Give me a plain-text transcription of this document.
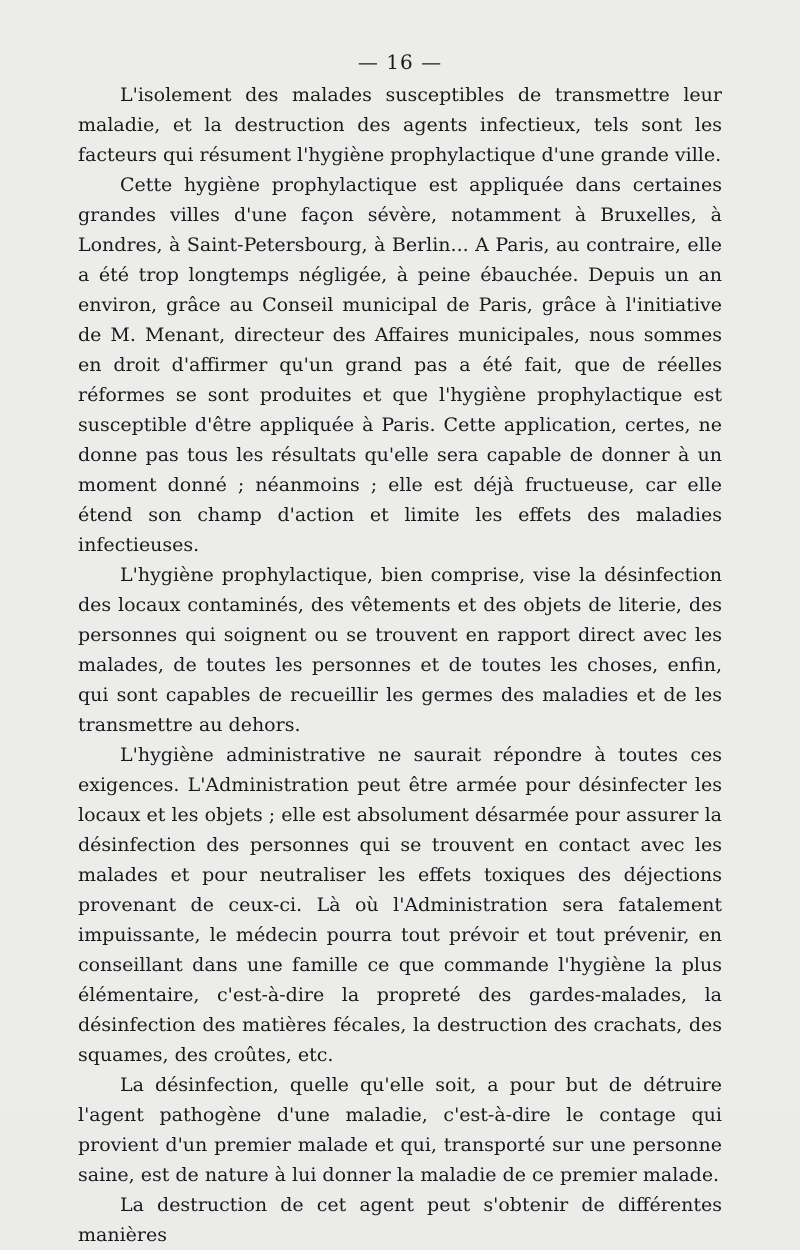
— 16 —

L'isolement des malades susceptibles de transmettre leur maladie, et la destruction des agents infectieux, tels sont les facteurs qui résument l'hygiène prophylactique d'une grande ville.

Cette hygiène prophylactique est appliquée dans certaines grandes villes d'une façon sévère, notamment à Bruxelles, à Londres, à Saint-Petersbourg, à Berlin... A Paris, au contraire, elle a été trop longtemps négligée, à peine ébauchée. Depuis un an environ, grâce au Conseil municipal de Paris, grâce à l'initiative de M. Menant, directeur des Affaires municipales, nous sommes en droit d'affirmer qu'un grand pas a été fait, que de réelles réformes se sont produites et que l'hygiène prophylactique est susceptible d'être appliquée à Paris. Cette application, certes, ne donne pas tous les résultats qu'elle sera capable de donner à un moment donné ; néanmoins ; elle est déjà fructueuse, car elle étend son champ d'action et limite les effets des maladies infectieuses.

L'hygiène prophylactique, bien comprise, vise la désinfection des locaux contaminés, des vêtements et des objets de literie, des personnes qui soignent ou se trouvent en rapport direct avec les malades, de toutes les personnes et de toutes les choses, enfin, qui sont capables de recueillir les germes des maladies et de les transmettre au dehors.

L'hygiène administrative ne saurait répondre à toutes ces exigences. L'Administration peut être armée pour désinfecter les locaux et les objets ; elle est absolument désarmée pour assurer la désinfection des personnes qui se trouvent en contact avec les malades et pour neutraliser les effets toxiques des déjections provenant de ceux-ci. Là où l'Administration sera fatalement impuissante, le médecin pourra tout prévoir et tout prévenir, en conseillant dans une famille ce que commande l'hygiène la plus élémentaire, c'est-à-dire la propreté des gardes-malades, la désinfection des matières fécales, la destruction des crachats, des squames, des croûtes, etc.

La désinfection, quelle qu'elle soit, a pour but de détruire l'agent pathogène d'une maladie, c'est-à-dire le contage qui provient d'un premier malade et qui, transporté sur une personne saine, est de nature à lui donner la maladie de ce premier malade.

La destruction de cet agent peut s'obtenir de différentes manières
